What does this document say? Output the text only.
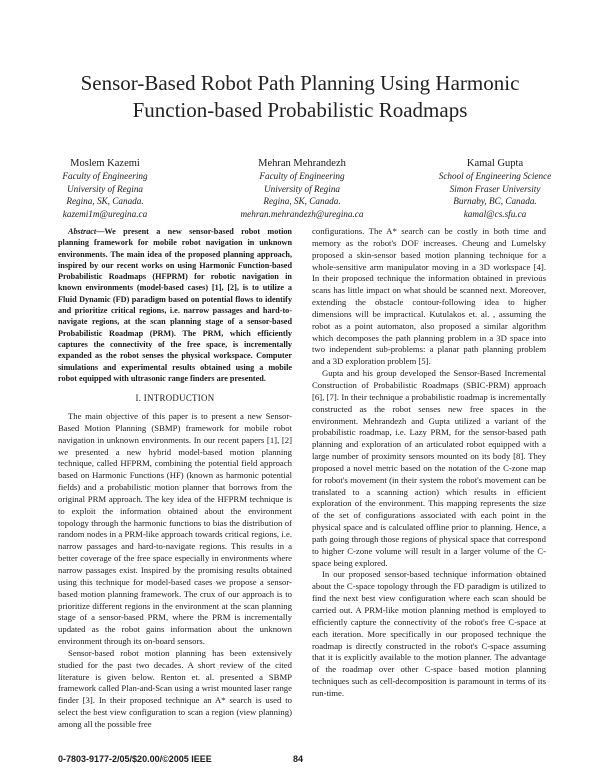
Sensor-Based Robot Path Planning Using Harmonic
Function-based Probabilistic Roadmaps
Moslem Kazemi
Faculty of Engineering
University of Regina
Regina, SK, Canada.
kazemi1m@uregina.ca
Mehran Mehrandezh
Faculty of Engineering
University of Regina
Regina, SK, Canada.
mehran.mehrandezh@uregina.ca
Kamal Gupta
School of Engineering Science
Simon Fraser University
Burnaby, BC, Canada.
kamal@cs.sfu.ca

Abstract—We present a new sensor-based robot motion planning framework for mobile robot navigation in unknown environments. The main idea of the proposed planning approach, inspired by our recent works on using Harmonic Function-based Probabilistic Roadmaps (HFPRM) for robotic navigation in known environments (model-based cases) [1], [2], is to utilize a Fluid Dynamic (FD) paradigm based on potential flows to identify and prioritize critical regions, i.e. narrow passages and hard-to-navigate regions, at the scan planning stage of a sensor-based Probabilistic Roadmap (PRM). The PRM, which efficiently captures the connectivity of the free space, is incrementally expanded as the robot senses the physical workspace. Computer simulations and experimental results obtained using a mobile robot equipped with ultrasonic range finders are presented.

I. INTRODUCTION

The main objective of this paper is to present a new Sensor-Based Motion Planning (SBMP) framework for mobile robot navigation in unknown environments. In our recent papers [1], [2] we presented a new hybrid model-based motion planning technique, called HFPRM, combining the potential field approach based on Harmonic Functions (HF) (known as harmonic potential fields) and a probabilistic motion planner that borrows from the original PRM approach. The key idea of the HFPRM technique is to exploit the information obtained about the environment topology through the harmonic functions to bias the distribution of random nodes in a PRM-like approach towards critical regions, i.e. narrow passages and hard-to-navigate regions. This results in a better coverage of the free space especially in environments where narrow passages exist. Inspired by the promising results obtained using this technique for model-based cases we propose a sensor-based motion planning framework. The crux of our approach is to prioritize different regions in the environment at the scan planning stage of a sensor-based PRM, where the PRM is incrementally updated as the robot gains information about the unknown environment through its on-board sensors.

Sensor-based robot motion planning has been extensively studied for the past two decades. A short review of the cited literature is given below. Renton et. al. presented a SBMP framework called Plan-and-Scan using a wrist mounted laser range finder [3]. In their proposed technique an A* search is used to select the best view configuration to scan a region (view planning) among all the possible free

configurations. The A* search can be costly in both time and memory as the robot's DOF increases. Cheung and Lumelsky proposed a skin-sensor based motion planning technique for a whole-sensitive arm manipulator moving in a 3D workspace [4]. In their proposed technique the information obtained in previous scans has little impact on what should be scanned next. Moreover, extending the obstacle contour-following idea to higher dimensions will be impractical. Kutulakos et. al. , assuming the robot as a point automaton, also proposed a similar algorithm which decomposes the path planning problem in a 3D space into two independent sub-problems: a planar path planning problem and a 3D exploration problem [5].

Gupta and his group developed the Sensor-Based Incremental Construction of Probabilistic Roadmaps (SBIC-PRM) approach [6], [7]. In their technique a probabilistic roadmap is incrementally constructed as the robot senses new free spaces in the environment. Mehrandezh and Gupta utilized a variant of the probabilistic roadmap, i.e. Lazy PRM, for the sensor-based path planning and exploration of an articulated robot equipped with a large number of proximity sensors mounted on its body [8]. They proposed a novel metric based on the notation of the C-zone map for robot's movement (in their system the robot's movement can be translated to a scanning action) which results in efficient exploration of the environment. This mapping represents the size of the set of configurations associated with each point in the physical space and is calculated offline prior to planning. Hence, a path going through those regions of physical space that correspond to higher C-zone volume will result in a larger volume of the C-space being explored.

In our proposed sensor-based technique information obtained about the C-space topology through the FD paradigm is utilized to find the next best view configuration where each scan should be carried out. A PRM-like motion planning method is employed to efficiently capture the connectivity of the robot's free C-space at each iteration. More specifically in our proposed technique the roadmap is directly constructed in the robot's C-space assuming that it is explicitly available to the motion planner. The advantage of the roadmap over other C-space based motion planning techniques such as cell-decomposition is paramount in terms of its run-time.

0-7803-9177-2/05/$20.00/©2005 IEEE	84
